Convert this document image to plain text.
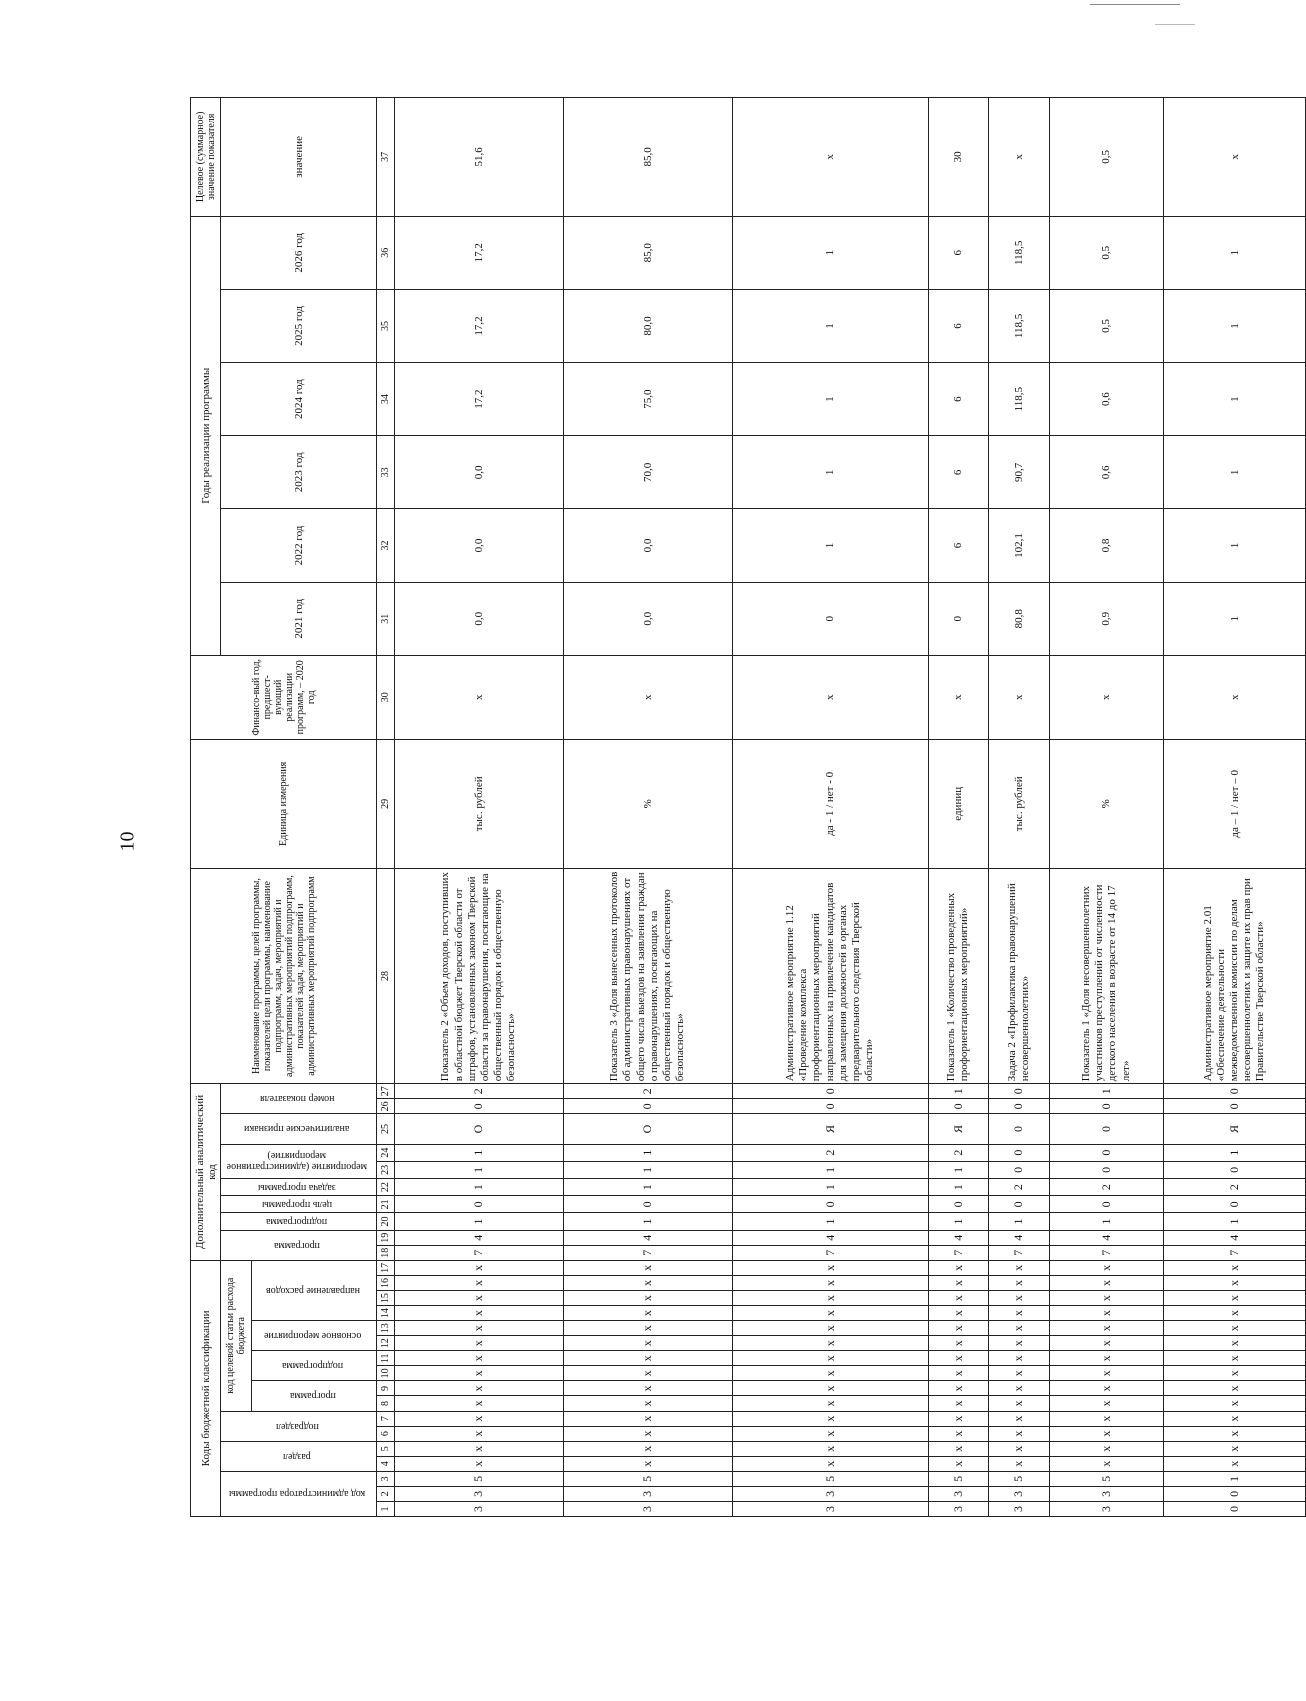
10
Коды бюджетной классификации																	Дополнительный аналитический код										Наименование программы, целей программы, показателей цели программы, наименование подпрограмм, задач, мероприятий и административных мероприятий подпрограмм, показателей задач, мероприятий и административных мероприятий подпрограмм	Единица измерения	Финансо-вый год, предшест-вующий реализации программ, – 2020 год	Годы реализации программы						Целевое (суммарное) значение показателя
код администратора программы			раздел		подраздел		код целевой статьи расхода бюджета										программа		подпрограмма	цель программы	задача программы	мероприятие (административное мероприятие)		аналитические признаки	номер показателя					2021 год	2022 год	2023 год	2024 год	2025 год	2026 год	значение
							программа		подпрограмма		основное мероприятие		направление расходов																							
1	2	3	4	5	6	7	8	9	10	11	12	13	14	15	16	17	18	19	20	21	22	23	24	25	26	27	28	29	30	31	32	33	34	35	36	37
3	3	5	х	х	х	х	х	х	х	х	х	х	х	х	х	х	7	4	1	0	1	1	1	О	0	2	Показатель 2 «Объем доходов, поступивших в областной бюджет Тверской области от штрафов, установленных законом Тверской области за правонарушения, посягающие на общественный порядок и общественную безопасность»	тыс. рублей	х	0,0	0,0	0,0	17,2	17,2	17,2	51,6
3	3	5	х	х	х	х	х	х	х	х	х	х	х	х	х	х	7	4	1	0	1	1	1	О	0	2	Показатель 3 «Доля вынесенных протоколов об административных правонарушениях от общего числа выездов на заявления граждан о правонарушениях, посягающих на общественный порядок и общественную безопасность»	%	х	0,0	0,0	70,0	75,0	80,0	85,0	85,0
3	3	5	х	х	х	х	х	х	х	х	х	х	х	х	х	х	7	4	1	0	1	1	2	Я	0	0	Административное мероприятие 1.12 «Проведение комплекса профориентационных мероприятий направленных на привлечение кандидатов для замещения должностей в органах предварительного следствия Тверской области»	да - 1 / нет - 0	х	0	1	1	1	1	1	х
3	3	5	х	х	х	х	х	х	х	х	х	х	х	х	х	х	7	4	1	0	1	1	2	Я	0	1	Показатель 1 «Количество проведенных профориентационных мероприятий»	единиц	х	0	6	6	6	6	6	30
3	3	5	х	х	х	х	х	х	х	х	х	х	х	х	х	х	7	4	1	0	2	0	0	0	0	0	Задача 2 «Профилактика правонарушений несовершеннолетних»	тыс. рублей	х	80,8	102,1	90,7	118,5	118,5	118,5	х
3	3	5	х	х	х	х	х	х	х	х	х	х	х	х	х	х	7	4	1	0	2	0	0	0	0	1	Показатель 1 «Доля несовершеннолетних участников преступлений от численности детского населения в возрасте от 14 до 17 лет»	%	х	0,9	0,8	0,6	0,6	0,5	0,5	0,5
0	0	1	х	х	х	х	х	х	х	х	х	х	х	х	х	х	7	4	1	0	2	0	1	Я	0	0	Административное мероприятие 2.01 «Обеспечение деятельности межведомственной комиссии по делам несовершеннолетних и защите их прав при Правительстве Тверской области»	да – 1 / нет – 0	х	1	1	1	1	1	1	х
